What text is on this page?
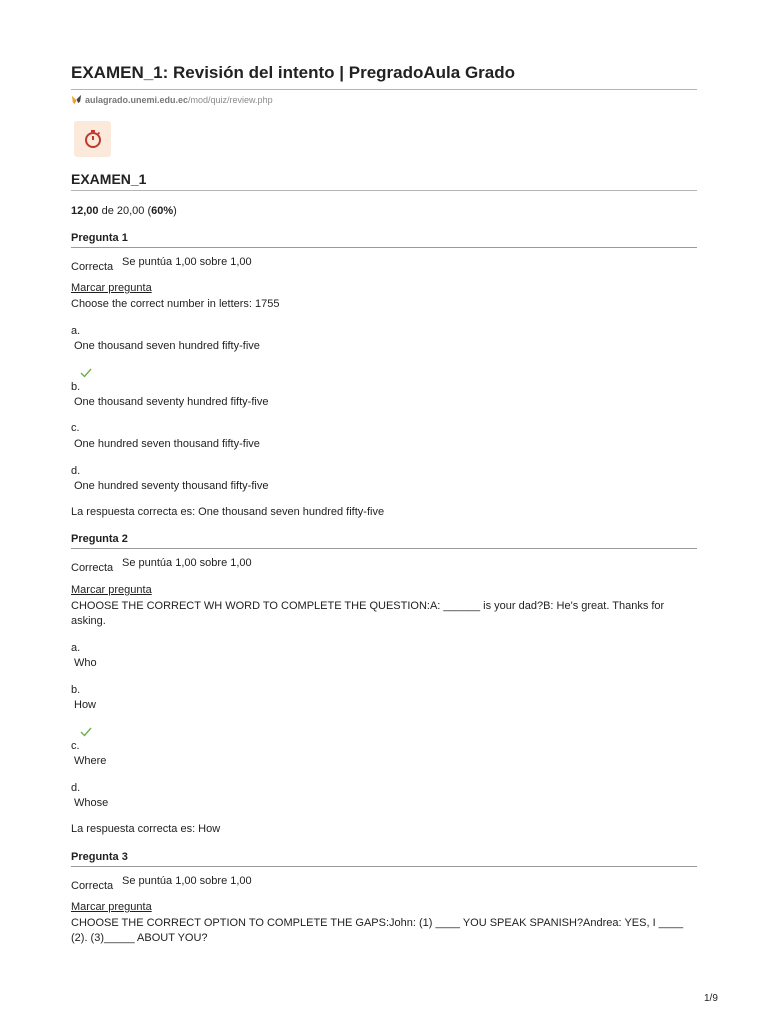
EXAMEN_1: Revisión del intento | PregradoAula Grado
aulagrado.unemi.edu.ec /mod/quiz/review.php
EXAMEN_1
12,00 de 20,00 (60%)
Pregunta 1
Correcta Se puntúa 1,00 sobre 1,00
Marcar pregunta
Choose the correct number in letters: 1755
a.
One thousand seven hundred fifty-five
b.
One thousand seventy hundred fifty-five
c.
One hundred seven thousand fifty-five
d.
One hundred seventy thousand fifty-five
La respuesta correcta es: One thousand seven hundred fifty-five
Pregunta 2
Correcta Se puntúa 1,00 sobre 1,00
Marcar pregunta
CHOOSE THE CORRECT WH WORD TO COMPLETE THE QUESTION:A: ______ is your dad?B: He's great. Thanks for asking.
a.
Who
b.
How
c.
Where
d.
Whose
La respuesta correcta es: How
Pregunta 3
Correcta Se puntúa 1,00 sobre 1,00
Marcar pregunta
CHOOSE THE CORRECT OPTION TO COMPLETE THE GAPS:John: (1) ____ YOU SPEAK SPANISH?Andrea: YES, I ____ (2). (3)_____ ABOUT YOU?
1/9
